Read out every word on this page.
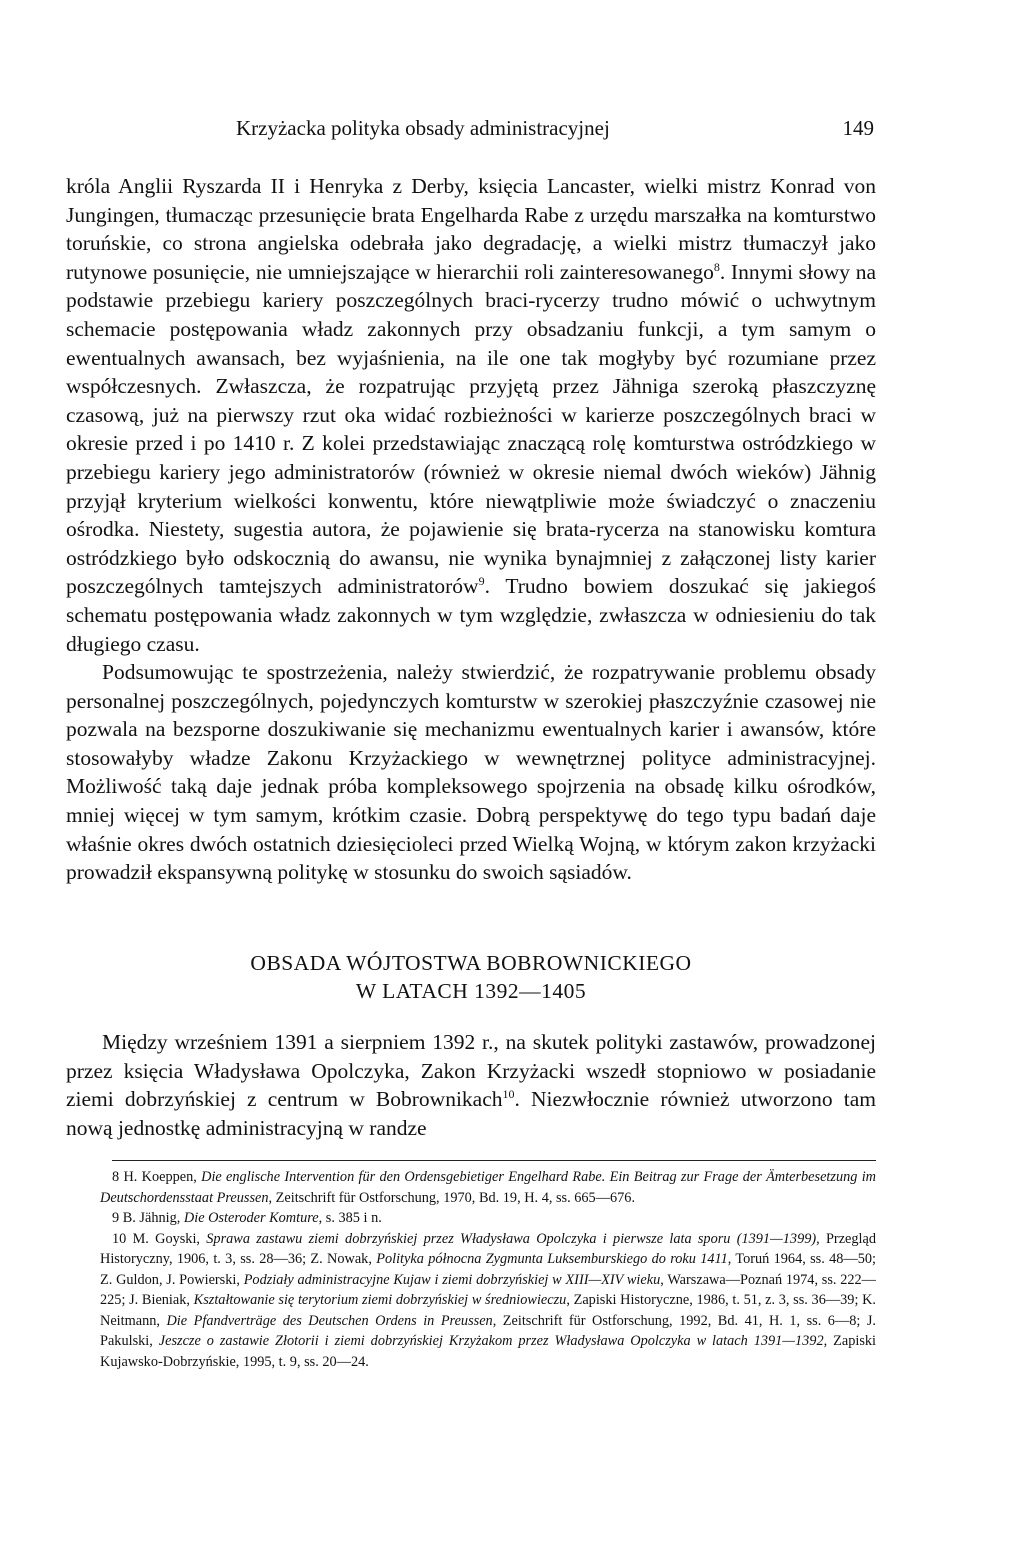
Krzyżacka polityka obsady administracyjnej	149

króla Anglii Ryszarda II i Henryka z Derby, księcia Lancaster, wielki mistrz Konrad von Jungingen, tłumacząc przesunięcie brata Engelharda Rabe z urzędu marszałka na komturstwo toruńskie, co strona angielska odebrała jako degradację, a wielki mistrz tłumaczył jako rutynowe posunięcie, nie umniejszające w hierarchii roli zainteresowanego$^8$. Innymi słowy na podstawie przebiegu kariery poszczególnych braci-rycerzy trudno mówić o uchwytnym schemacie postępowania władz zakonnych przy obsadzaniu funkcji, a tym samym o ewentualnych awansach, bez wyjaśnienia, na ile one tak mogłyby być rozumiane przez współczesnych. Zwłaszcza, że rozpatrując przyjętą przez Jähniga szeroką płaszczyznę czasową, już na pierwszy rzut oka widać rozbieżności w karierze poszczególnych braci w okresie przed i po 1410 r. Z kolei przedstawiając znaczącą rolę komturstwa ostródzkiego w przebiegu kariery jego administratorów (również w okresie niemal dwóch wieków) Jähnig przyjął kryterium wielkości konwentu, które niewątpliwie może świadczyć o znaczeniu ośrodka. Niestety, sugestia autora, że pojawienie się brata-rycerza na stanowisku komtura ostródzkiego było odskocznią do awansu, nie wynika bynajmniej z załączonej listy karier poszczególnych tamtejszych administratorów$^9$. Trudno bowiem doszukać się jakiegoś schematu postępowania władz zakonnych w tym względzie, zwłaszcza w odniesieniu do tak długiego czasu.

Podsumowując te spostrzeżenia, należy stwierdzić, że rozpatrywanie problemu obsady personalnej poszczególnych, pojedynczych komturstw w szerokiej płaszczyźnie czasowej nie pozwala na bezsporne doszukiwanie się mechanizmu ewentualnych karier i awansów, które stosowałyby władze Zakonu Krzyżackiego w wewnętrznej polityce administracyjnej. Możliwość taką daje jednak próba kompleksowego spojrzenia na obsadę kilku ośrodków, mniej więcej w tym samym, krótkim czasie. Dobrą perspektywę do tego typu badań daje właśnie okres dwóch ostatnich dziesięcioleci przed Wielką Wojną, w którym zakon krzyżacki prowadził ekspansywną politykę w stosunku do swoich sąsiadów.

OBSADA WÓJTOSTWA BOBROWNICKIEGO
W LATACH 1392—1405

Między wrześniem 1391 a sierpniem 1392 r., na skutek polityki zastawów, prowadzonej przez księcia Władysława Opolczyka, Zakon Krzyżacki wszedł stopniowo w posiadanie ziemi dobrzyńskiej z centrum w Bobrownikach$^{10}$. Niezwłocznie również utworzono tam nową jednostkę administracyjną w randze

8 H. Koeppen, Die englische Intervention für den Ordensgebietiger Engelhard Rabe. Ein Beitrag zur Frage der Ämterbesetzung im Deutschordensstaat Preussen, Zeitschrift für Ostforschung, 1970, Bd. 19, H. 4, ss. 665—676.

9 B. Jähnig, Die Osteroder Komture, s. 385 i n.

10 M. Goyski, Sprawa zastawu ziemi dobrzyńskiej przez Władysława Opolczyka i pierwsze lata sporu (1391—1399), Przegląd Historyczny, 1906, t. 3, ss. 28—36; Z. Nowak, Polityka północna Zygmunta Luksemburskiego do roku 1411, Toruń 1964, ss. 48—50; Z. Guldon, J. Powierski, Podziały administracyjne Kujaw i ziemi dobrzyńskiej w XIII—XIV wieku, Warszawa—Poznań 1974, ss. 222—225; J. Bieniak, Kształtowanie się terytorium ziemi dobrzyńskiej w średniowieczu, Zapiski Historyczne, 1986, t. 51, z. 3, ss. 36—39; K. Neitmann, Die Pfandverträge des Deutschen Ordens in Preussen, Zeitschrift für Ostforschung, 1992, Bd. 41, H. 1, ss. 6—8; J. Pakulski, Jeszcze o zastawie Złotorii i ziemi dobrzyńskiej Krzyżakom przez Władysława Opolczyka w latach 1391—1392, Zapiski Kujawsko-Dobrzyńskie, 1995, t. 9, ss. 20—24.
